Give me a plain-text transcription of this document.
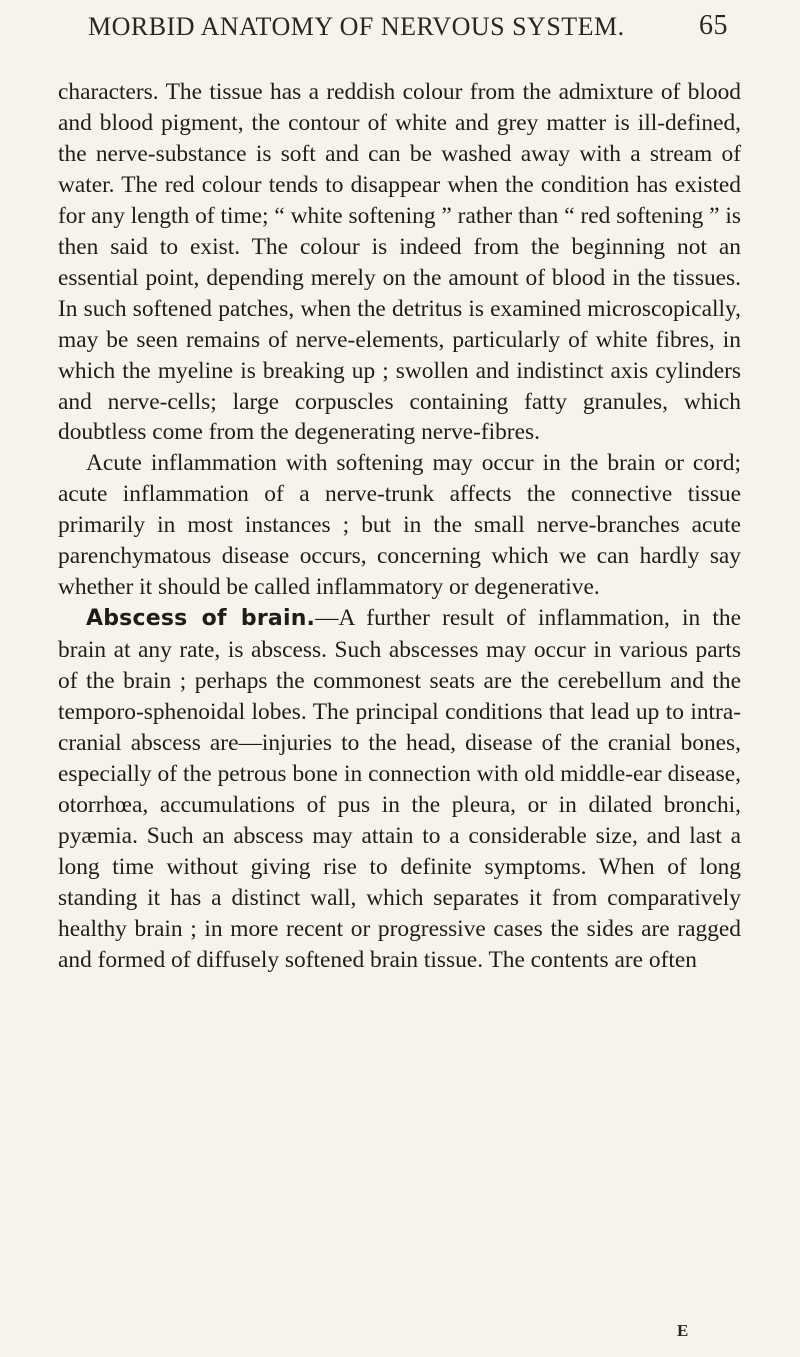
MORBID ANATOMY OF NERVOUS SYSTEM.	65

characters. The tissue has a reddish colour from the admixture of blood and blood pigment, the contour of white and grey matter is ill-defined, the nerve-substance is soft and can be washed away with a stream of water. The red colour tends to disappear when the condition has existed for any length of time; “ white softening ” rather than “ red softening ” is then said to exist. The colour is indeed from the beginning not an essential point, depending merely on the amount of blood in the tissues. In such softened patches, when the detritus is examined microscopically, may be seen remains of nerve-elements, particularly of white fibres, in which the myeline is breaking up ; swollen and indistinct axis cylinders and nerve-cells; large corpuscles containing fatty granules, which doubtless come from the degenerating nerve-fibres.

Acute inflammation with softening may occur in the brain or cord; acute inflammation of a nerve-trunk affects the connective tissue primarily in most instances ; but in the small nerve-branches acute parenchymatous disease occurs, concerning which we can hardly say whether it should be called inflammatory or degenerative.

Abscess of brain.—A further result of inflammation, in the brain at any rate, is abscess. Such abscesses may occur in various parts of the brain ; perhaps the commonest seats are the cerebellum and the temporo-sphenoidal lobes. The principal conditions that lead up to intra-cranial abscess are—injuries to the head, disease of the cranial bones, especially of the petrous bone in connection with old middle-ear disease, otorrhœa, accumulations of pus in the pleura, or in dilated bronchi, pyæmia. Such an abscess may attain to a considerable size, and last a long time without giving rise to definite symptoms. When of long standing it has a distinct wall, which separates it from comparatively healthy brain ; in more recent or progressive cases the sides are ragged and formed of diffusely softened brain tissue. The contents are often

E
